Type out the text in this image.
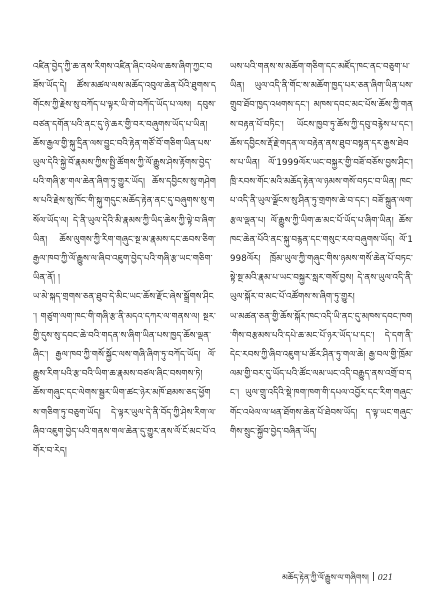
འཛིན་བྱེད་ཀྱི་ཆ་ནས་རིགས་འཛིན་ཞིང་འཕེལ་ཆས་ཞིག་ཀྱང་བཟོས་ཡོད་དེ། ཚོས་མཚལ་ལས་མཆོད་འབུལ་ཆེན་པོའི་ཐུགས་དགོངས་ཀྱི་རྗེས་སུ་བཀོད་པ་ལྟར་ཡི་གེ་བཀོད་ཡོད་པ་ལས། དབུས་བཙན་དགོན་པའི་ནང་དུ་ཉེ་ཆར་གྱི་བར་བཞུགས་ཡོད་པ་ཡིན། ཆོས་རྒྱལ་གྱི་སྐུ་དྲིན་ལས་བྱུང་བའི་རྟེན་གཙོ་བོ་གཅིག་ཡིན་པས་ཡུལ་དེའི་སྐྱེ་བོ་རྣམས་ཀྱིས་སྤྱི་ཚོགས་ཀྱི་ལོ་རྒྱུས་ཤེས་རྟོགས་བྱེད་པའི་གཞི་རྩ་གལ་ཆེན་ཞིག་ཏུ་གྱུར་ཡོད། ཆོས་དབྱིངས་སུ་གཤེགས་པའི་རྗེས་སུ་ཁོང་གི་སྐུ་གདུང་མཆོད་རྟེན་ནང་དུ་བཞུགས་སུ་གསོལ་ཡོད་ལ། དེ་ནི་ཡུལ་དེའི་མི་རྣམས་ཀྱི་ཡིད་ཆེས་ཀྱི་ལྟེ་བ་ཞིག་ཡིན། ཆོས་ལུགས་ཀྱི་རིག་གཞུང་སྔ་མ་རྣམས་དང་ཆབས་ཅིག་རྒྱལ་ཁབ་ཀྱི་ལོ་རྒྱུས་ལ་ཞིབ་འཇུག་བྱེད་པའི་གཞི་རྩ་ཡང་གཅིག་ཡིན་ནོ། །

ཡ་མེ་སྐད་གྲགས་ཅན་ཐུབ་དེ་མིང་ཡང་ཆོས་རྫོང་ཞེས་སྒྲོགས་ཤིང་། གཙུག་ལག་ཁང་གི་གཞི་རྩ་ནི་མདའ་དཀར་ལ་གནས་ལ། སྔར་གྱི་དུས་སུ་དབང་ཆེ་བའི་གདན་ས་ཞིག་ཡིན་པས་ཁྱད་ཆོས་ལྡན་ཞིང་། རྒྱལ་ཁབ་ཀྱི་གསོ་སྐྱོང་ལས་གཞི་ཞིག་ཏུ་བཀོད་ཡོད། ལོ་རྒྱུས་རིག་པའི་རྩ་བའི་ཡིག་ཆ་རྣམས་བཙལ་ཞིང་བསགས་ཏེ། ཆོས་གཞུང་དང་ལེགས་སྦྱར་ཡིག་ཚང་ཉེར་མཁོ་ཐམས་ཅད་ཕྱོགས་གཅིག་ཏུ་བཅུག་ཡོད། དེ་ལྟར་ཡུལ་དེ་ནི་བོད་ཀྱི་ཤེས་རིག་ལ་ཞིབ་འཇུག་བྱེད་པའི་གནས་གལ་ཆེན་དུ་གྱུར་ནས་ལོ་ངོ་མང་པོ་འགོར་བ་རེད།

ཡས་པའི་གནས་ས་མཆོག་གཅིག་དང་མཛོད་ཁང་ནང་བཅུག་པ་ཡིན། ཡུལ་འདི་ནི་གོང་ས་མཆོག་ཁྱད་པར་ཅན་ཞིག་ཡིན་པས་གྲུབ་ཐོབ་ཁྱད་འཕགས་དང་། མཁས་དབང་མང་པོས་ཆོས་ཀྱི་གནས་བརྟན་པོ་བཏིང་། ཡོངས་ཁྱབ་ཏུ་ཆོས་ཀྱི་དབུ་བརྙེས་པ་དང་། ཆོས་དབྱིངས་རྡོ་རྗེ་གདན་ལ་བརྟེན་ནས་ཐུབ་བསྟན་དར་རྒྱས་ཐེབས་པ་ཡིན། ལོ་1999ལོར་ཡང་བསྐྱར་གྱི་བཟོ་བཅོས་བྱས་ཤིང་། ཁྲི་རབས་གོང་མའི་མཆོད་རྟེན་ལ་ཉམས་གསོ་བཏང་བ་ཡིན། ཁང་པ་འདི་ནི་ཡུལ་ལྗོངས་སུ་ཤིན་ཏུ་གྲགས་ཆེ་བ་དང་། བཟོ་སྐྲུན་ལག་རྩལ་ལྡན་པ། ལོ་རྒྱུས་ཀྱི་ཡིག་ཆ་མང་པོ་ཡོད་པ་ཞིག་ཡིན། ཆོས་ཁང་ཆེན་པོའི་ནང་སྐུ་བརྙན་དང་གསུང་རབ་བཞུགས་ཡོད། ལོ་1998ལོར། ཁྲོམ་ཡུལ་ཀྱི་གཞུང་གིས་ཉམས་གསོ་ཆེན་པོ་བཏང་སྟེ་སྔ་མའི་རྣམ་པ་ཡང་བསྐྱར་སླར་གསོ་བྱས། དེ་ནས་ཡུལ་འདི་ནི་ཡུལ་སྐོར་བ་མང་པོ་འཚོགས་ས་ཞིག་ཏུ་གྱུར།

ཡ་མཚན་ཅན་གྱི་ཆོས་སྐོར་ཁང་འདི་ཡི་ནང་དུ་མཁས་དབང་ཁག་གིས་བརྩམས་པའི་དཔེ་ཆ་མང་པོ་ཉར་ཡོད་པ་དང་། དེ་དག་ནི་དེང་རབས་ཀྱི་ཞིབ་འཇུག་པ་ཚོར་ཤིན་ཏུ་གལ་ཆེ། རྒྱ་བལ་གྱི་ཁྲོམ་ལམ་གྱི་བར་དུ་ཡོད་པའི་ཚོང་ལམ་ཡང་འདི་བརྒྱུད་ནས་འགྲོ་བ་དང་། ཡུལ་གྲུ་འདིའི་སྡེ་ཁག་ཁག་གི་དཔལ་འབྱོར་དང་རིག་གཞུང་གོང་འཕེལ་ལ་ཕན་ཐོགས་ཆེན་པོ་ཐེབས་ཡོད། ད་ལྟ་ཡང་གཞུང་གིས་སྲུང་སྐྱོབ་བྱེད་བཞིན་ཡོད།

མཆོད་རྟེན་ཀྱི་ལོ་རྒྱུས་ལ་གཞིགས། 021
